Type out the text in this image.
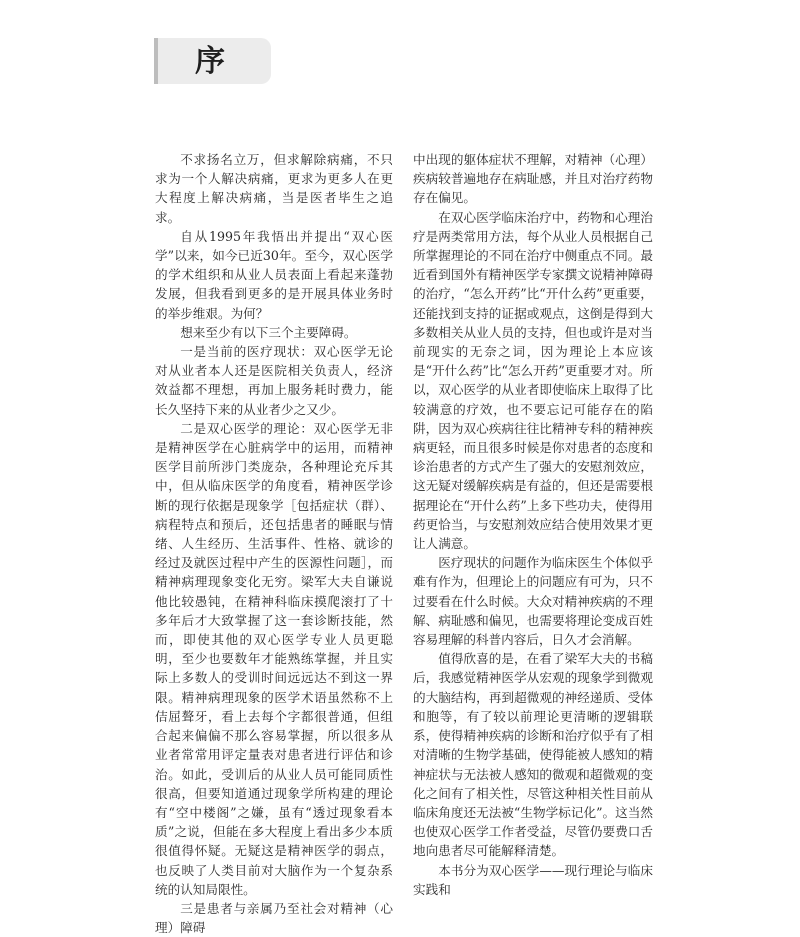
序

不求扬名立万，但求解除病痛，不只求为一个人解决病痛，更求为更多人在更大程度上解决病痛，当是医者毕生之追求。

自从1995年我悟出并提出“双心医学”以来，如今已近30年。至今，双心医学的学术组织和从业人员表面上看起来蓬勃发展，但我看到更多的是开展具体业务时的举步维艰。为何？

想来至少有以下三个主要障碍。

一是当前的医疗现状：双心医学无论对从业者本人还是医院相关负责人，经济效益都不理想，再加上服务耗时费力，能长久坚持下来的从业者少之又少。

二是双心医学的理论：双心医学无非是精神医学在心脏病学中的运用，而精神医学目前所涉门类庞杂，各种理论充斥其中，但从临床医学的角度看，精神医学诊断的现行依据是现象学［包括症状（群）、病程特点和预后，还包括患者的睡眠与情绪、人生经历、生活事件、性格、就诊的经过及就医过程中产生的医源性问题］，而精神病理现象变化无穷。梁军大夫自谦说他比较愚钝，在精神科临床摸爬滚打了十多年后才大致掌握了这一套诊断技能，然而，即使其他的双心医学专业人员更聪明，至少也要数年才能熟练掌握，并且实际上多数人的受训时间远远达不到这一界限。精神病理现象的医学术语虽然称不上佶屈聱牙，看上去每个字都很普通，但组合起来偏偏不那么容易掌握，所以很多从业者常常用评定量表对患者进行评估和诊治。如此，受训后的从业人员可能同质性很高，但要知道通过现象学所构建的理论有“空中楼阁”之嫌，虽有“透过现象看本质”之说，但能在多大程度上看出多少本质很值得怀疑。无疑这是精神医学的弱点，也反映了人类目前对大脑作为一个复杂系统的认知局限性。

三是患者与亲属乃至社会对精神（心理）障碍

中出现的躯体症状不理解，对精神（心理）疾病较普遍地存在病耻感，并且对治疗药物存在偏见。

在双心医学临床治疗中，药物和心理治疗是两类常用方法，每个从业人员根据自己所掌握理论的不同在治疗中侧重点不同。最近看到国外有精神医学专家撰文说精神障碍的治疗，“怎么开药”比“开什么药”更重要，还能找到支持的证据或观点，这倒是得到大多数相关从业人员的支持，但也或许是对当前现实的无奈之词，因为理论上本应该是“开什么药”比“怎么开药”更重要才对。所以，双心医学的从业者即使临床上取得了比较满意的疗效，也不要忘记可能存在的陷阱，因为双心疾病往往比精神专科的精神疾病更轻，而且很多时候是你对患者的态度和诊治患者的方式产生了强大的安慰剂效应，这无疑对缓解疾病是有益的，但还是需要根据理论在“开什么药”上多下些功夫，使得用药更恰当，与安慰剂效应结合使用效果才更让人满意。

医疗现状的问题作为临床医生个体似乎难有作为，但理论上的问题应有可为，只不过要看在什么时候。大众对精神疾病的不理解、病耻感和偏见，也需要将理论变成百姓容易理解的科普内容后，日久才会消解。

值得欣喜的是，在看了梁军大夫的书稿后，我感觉精神医学从宏观的现象学到微观的大脑结构，再到超微观的神经递质、受体和胞等，有了较以前理论更清晰的逻辑联系，使得精神疾病的诊断和治疗似乎有了相对清晰的生物学基础，使得能被人感知的精神症状与无法被人感知的微观和超微观的变化之间有了相关性，尽管这种相关性目前从临床角度还无法被“生物学标记化”。这当然也使双心医学工作者受益，尽管仍要费口舌地向患者尽可能解释清楚。

本书分为双心医学——现行理论与临床实践和
